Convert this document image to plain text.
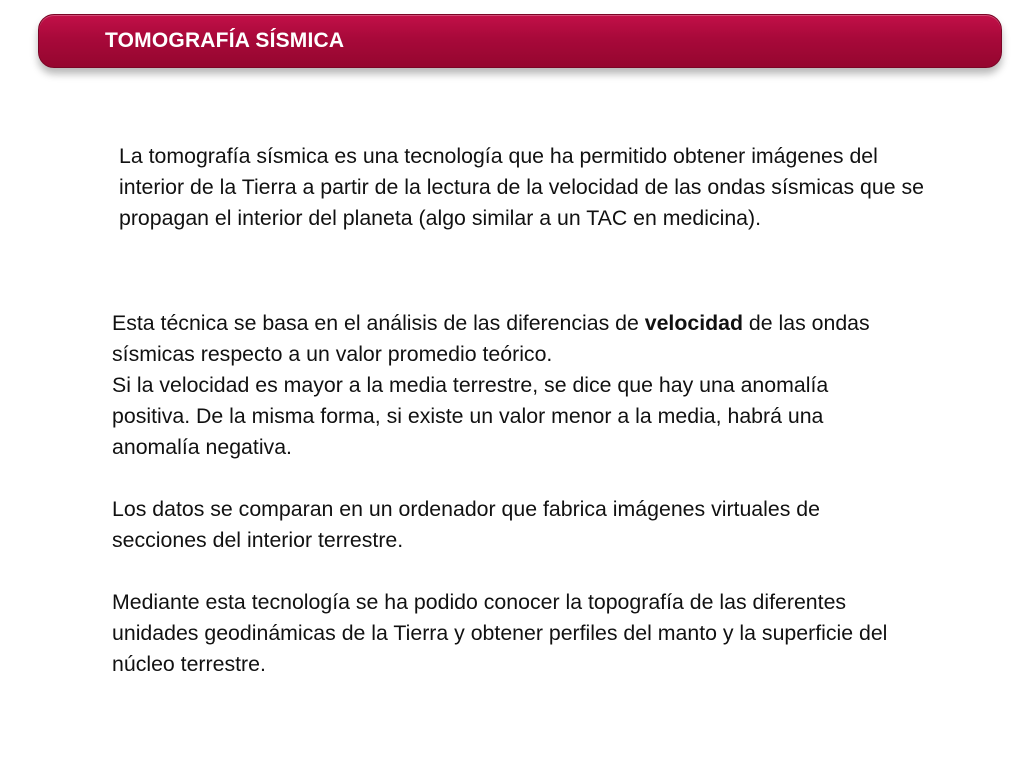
TOMOGRAFÍA SÍSMICA

La tomografía sísmica es una tecnología que ha permitido obtener imágenes del interior de la Tierra a partir de la lectura de la velocidad de las ondas sísmicas que se propagan el interior del planeta (algo similar a un TAC en medicina).

Esta técnica se basa en el análisis de las diferencias de velocidad de las ondas sísmicas respecto a un valor promedio teórico.

Si la velocidad es mayor a la media terrestre, se dice que hay una anomalía positiva. De la misma forma, si existe un valor menor a la media, habrá una anomalía negativa.

Los datos se comparan en un ordenador que fabrica imágenes virtuales de secciones del interior terrestre.

Mediante esta tecnología se ha podido conocer la topografía de las diferentes unidades geodinámicas de la Tierra y obtener perfiles del manto y la superficie del núcleo terrestre.
